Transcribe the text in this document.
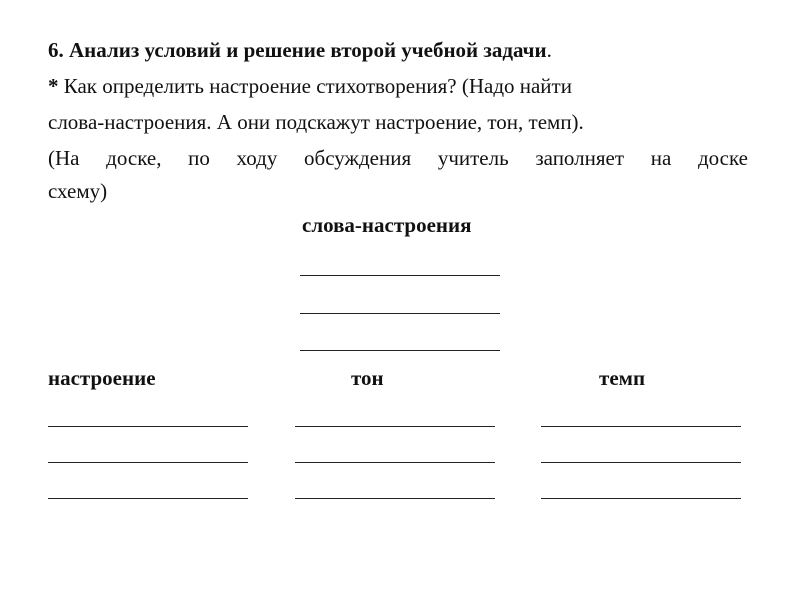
6. Анализ условий и решение второй учебной задачи.
* Как определить настроение стихотворения? (Надо найти
слова-настроения. А они подскажут настроение, тон, темп).
(На доске, по ходу обсуждения учитель заполняет на доске
схему)
слова-настроения
настроение	тон	темп
